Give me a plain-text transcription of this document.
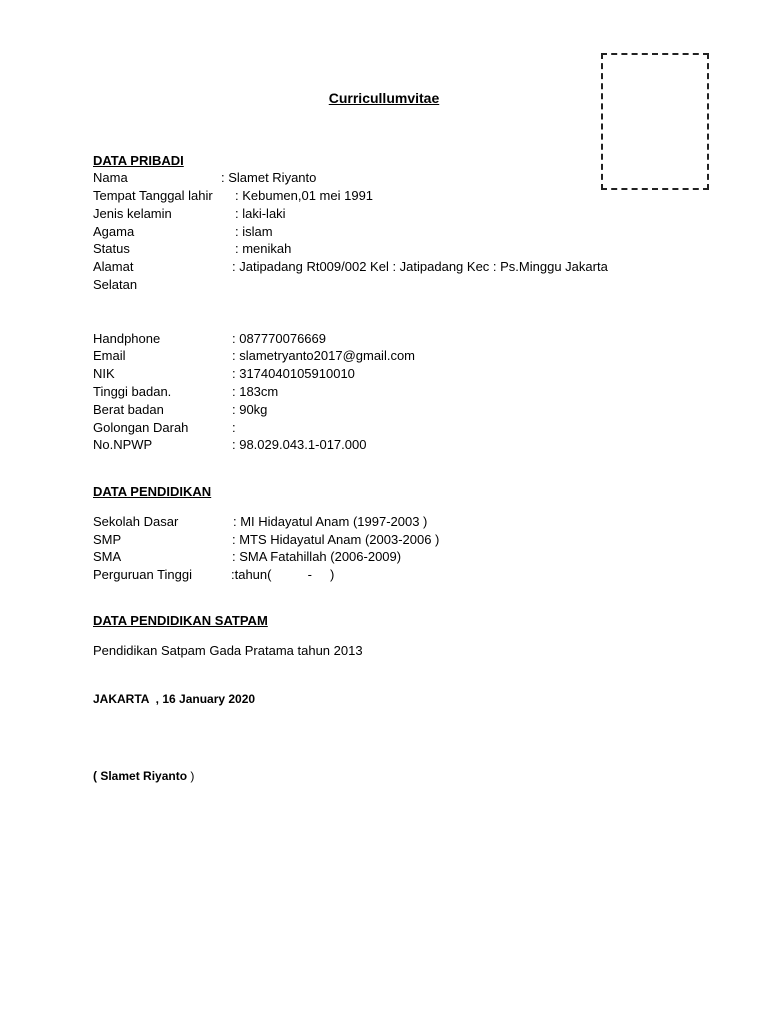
Curricullumvitae
DATA PRIBADI
Nama	: Slamet Riyanto
Tempat Tanggal lahir : Kebumen,01 mei 1991
Jenis kelamin	: laki-laki
Agama	: islam
Status	: menikah
Alamat	: Jatipadang Rt009/002 Kel : Jatipadang Kec : Ps.Minggu Jakarta
Selatan
Handphone	: 087770076669
Email	: slametryanto2017@gmail.com
NIK	: 3174040105910010
Tinggi badan.	: 183cm
Berat badan	: 90kg
Golongan Darah	:
No.NPWP	: 98.029.043.1-017.000
DATA PENDIDIKAN
Sekolah Dasar	: MI Hidayatul Anam (1997-2003 )
SMP	: MTS Hidayatul Anam (2003-2006 )
SMA	: SMA Fatahillah (2006-2009)
Perguruan Tinggi	:tahun(          -     )
DATA PENDIDIKAN SATPAM
Pendidikan Satpam Gada Pratama tahun 2013
JAKARTA  , 16 January 2020
( Slamet Riyanto )
